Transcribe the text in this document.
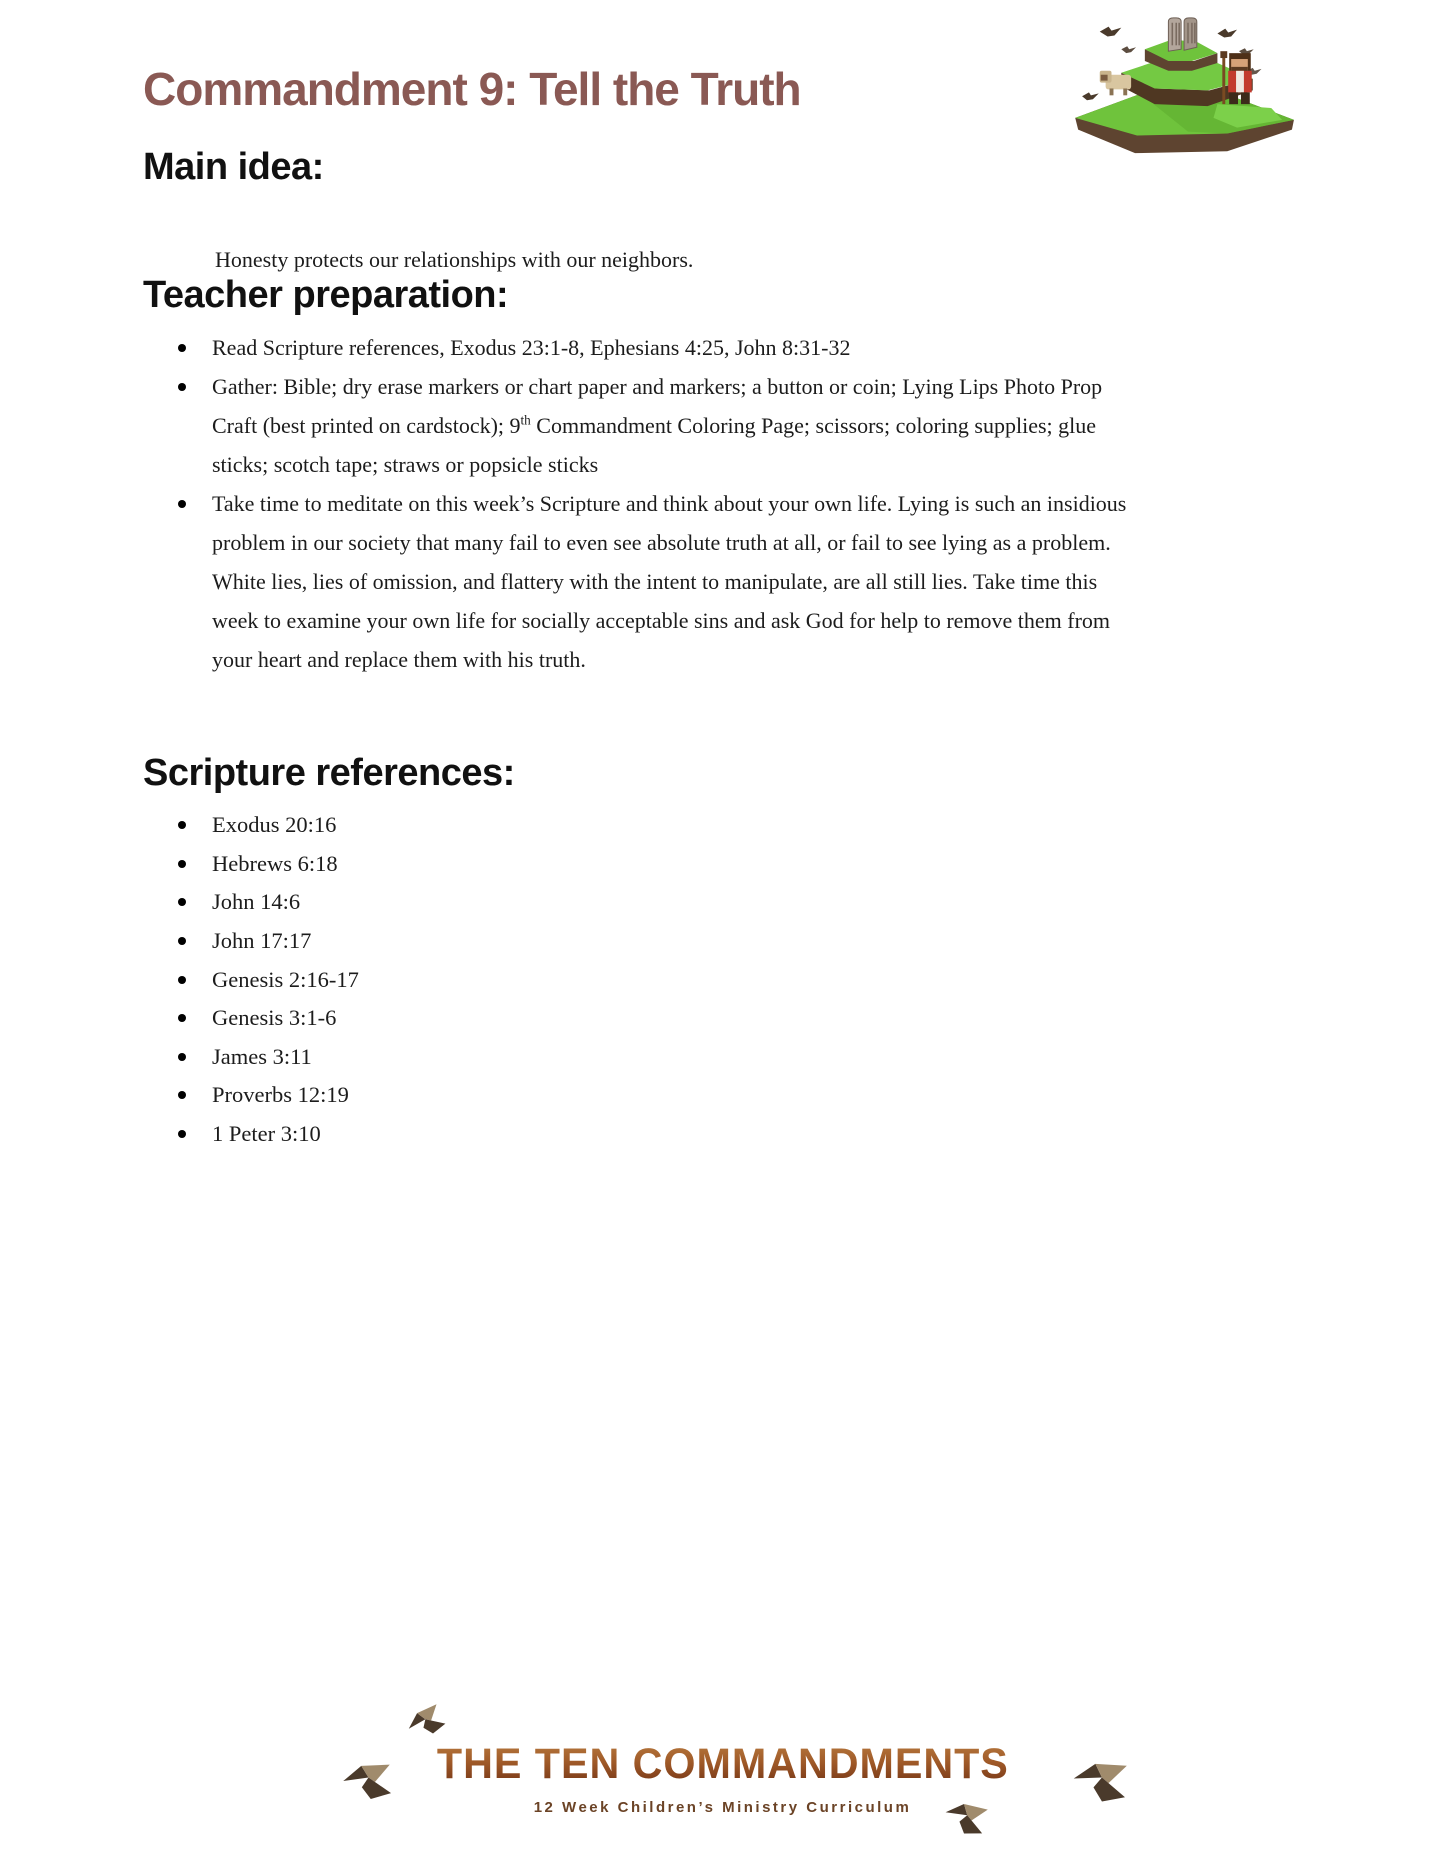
Commandment 9: Tell the Truth
Main idea:

Honesty protects our relationships with our neighbors.

Teacher preparation:
Read Scripture references, Exodus 23:1-8, Ephesians 4:25, John 8:31-32
Gather: Bible; dry erase markers or chart paper and markers; a button or coin; Lying Lips Photo Prop Craft (best printed on cardstock); 9th Commandment Coloring Page; scissors; coloring supplies; glue sticks; scotch tape; straws or popsicle sticks
Take time to meditate on this week’s Scripture and think about your own life. Lying is such an insidious problem in our society that many fail to even see absolute truth at all, or fail to see lying as a problem. White lies, lies of omission, and flattery with the intent to manipulate, are all still lies. Take time this week to examine your own life for socially acceptable sins and ask God for help to remove them from your heart and replace them with his truth.
Scripture references:
Exodus 20:16
Hebrews 6:18
John 14:6
John 17:17
Genesis 2:16-17
Genesis 3:1-6
James 3:11
Proverbs 12:19
1 Peter 3:10
THE TEN COMMANDMENTS
12 Week Children’s Ministry Curriculum
